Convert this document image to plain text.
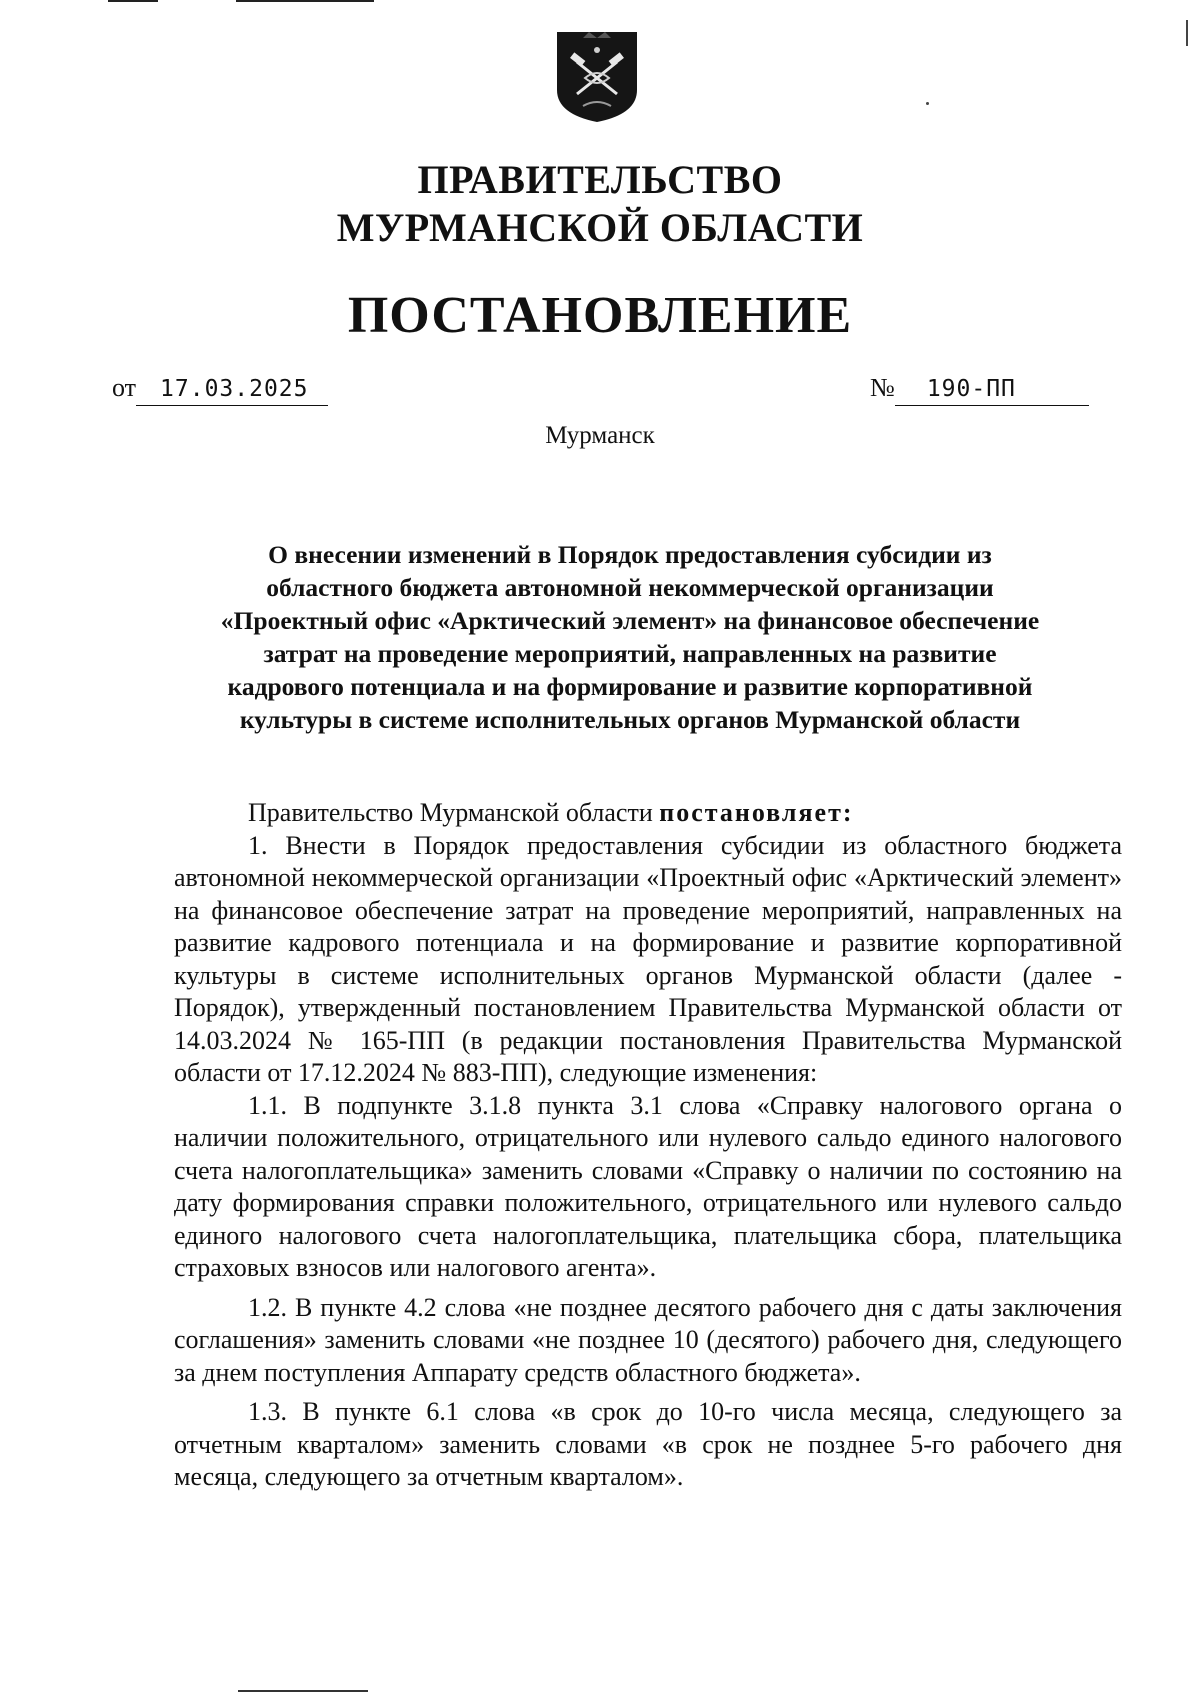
ПРАВИТЕЛЬСТВО
МУРМАНСКОЙ ОБЛАСТИ
ПОСТАНОВЛЕНИЕ
от 17.03.2025	№ 190-ПП
Мурманск
О внесении изменений в Порядок предоставления субсидии из
областного бюджета автономной некоммерческой организации
«Проектный офис «Арктический элемент» на финансовое обеспечение
затрат на проведение мероприятий, направленных на развитие
кадрового потенциала и на формирование и развитие корпоративной
культуры в системе исполнительных органов Мурманской области

Правительство Мурманской области постановляет:

1. Внести в Порядок предоставления субсидии из областного бюджета автономной некоммерческой организации «Проектный офис «Арктический элемент» на финансовое обеспечение затрат на проведение мероприятий, направленных на развитие кадрового потенциала и на формирование и развитие корпоративной культуры в системе исполнительных органов Мурманской области (далее - Порядок), утвержденный постановлением Правительства Мурманской области от 14.03.2024 № 165-ПП (в редакции постановления Правительства Мурманской области от 17.12.2024 № 883-ПП), следующие изменения:

1.1. В подпункте 3.1.8 пункта 3.1 слова «Справку налогового органа о наличии положительного, отрицательного или нулевого сальдо единого налогового счета налогоплательщика» заменить словами «Справку о наличии по состоянию на дату формирования справки положительного, отрицательного или нулевого сальдо единого налогового счета налогоплательщика, плательщика сбора, плательщика страховых взносов или налогового агента».

1.2. В пункте 4.2 слова «не позднее десятого рабочего дня с даты заключения соглашения» заменить словами «не позднее 10 (десятого) рабочего дня, следующего за днем поступления Аппарату средств областного бюджета».

1.3. В пункте 6.1 слова «в срок до 10-го числа месяца, следующего за отчетным кварталом» заменить словами «в срок не позднее 5-го рабочего дня месяца, следующего за отчетным кварталом».
